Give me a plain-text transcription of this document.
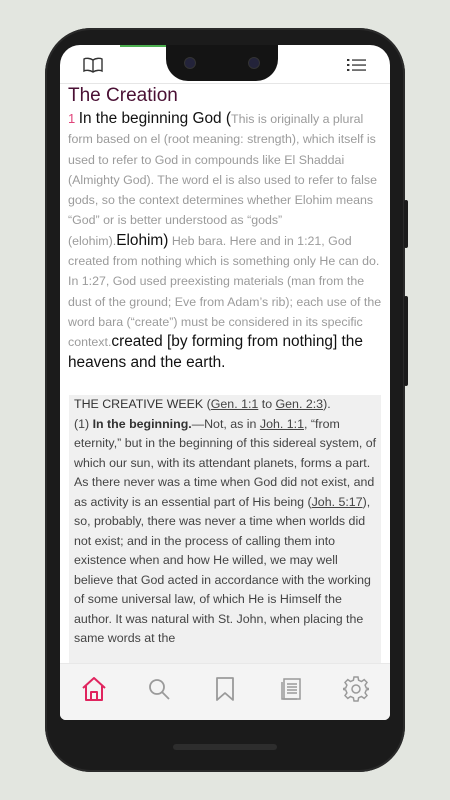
The Creation
1 In the beginning God (This is originally a plural form based on el (root meaning: strength), which itself is used to refer to God in compounds like El Shaddai (Almighty God). The word el is also used to refer to false gods, so the context determines whether Elohim means “God” or is better understood as “gods” (elohim).Elohim) Heb bara. Here and in 1:21, God created from nothing which is something only He can do. In 1:27, God used preexisting materials (man from the dust of the ground; Eve from Adam’s rib); each use of the word bara (“create”) must be considered in its specific context.created [by forming from nothing] the heavens and the earth.
THE CREATIVE WEEK (Gen. 1:1 to Gen. 2:3).
(1) In the beginning.—Not, as in Joh. 1:1, “from eternity,” but in the beginning of this sidereal system, of which our sun, with its attendant planets, forms a part. As there never was a time when God did not exist, and as activity is an essential part of His being (Joh. 5:17), so, probably, there was never a time when worlds did not exist; and in the process of calling them into existence when and how He willed, we may well believe that God acted in accordance with the working of some universal law, of which He is Himself the author. It was natural with St. John, when placing the same words at the
